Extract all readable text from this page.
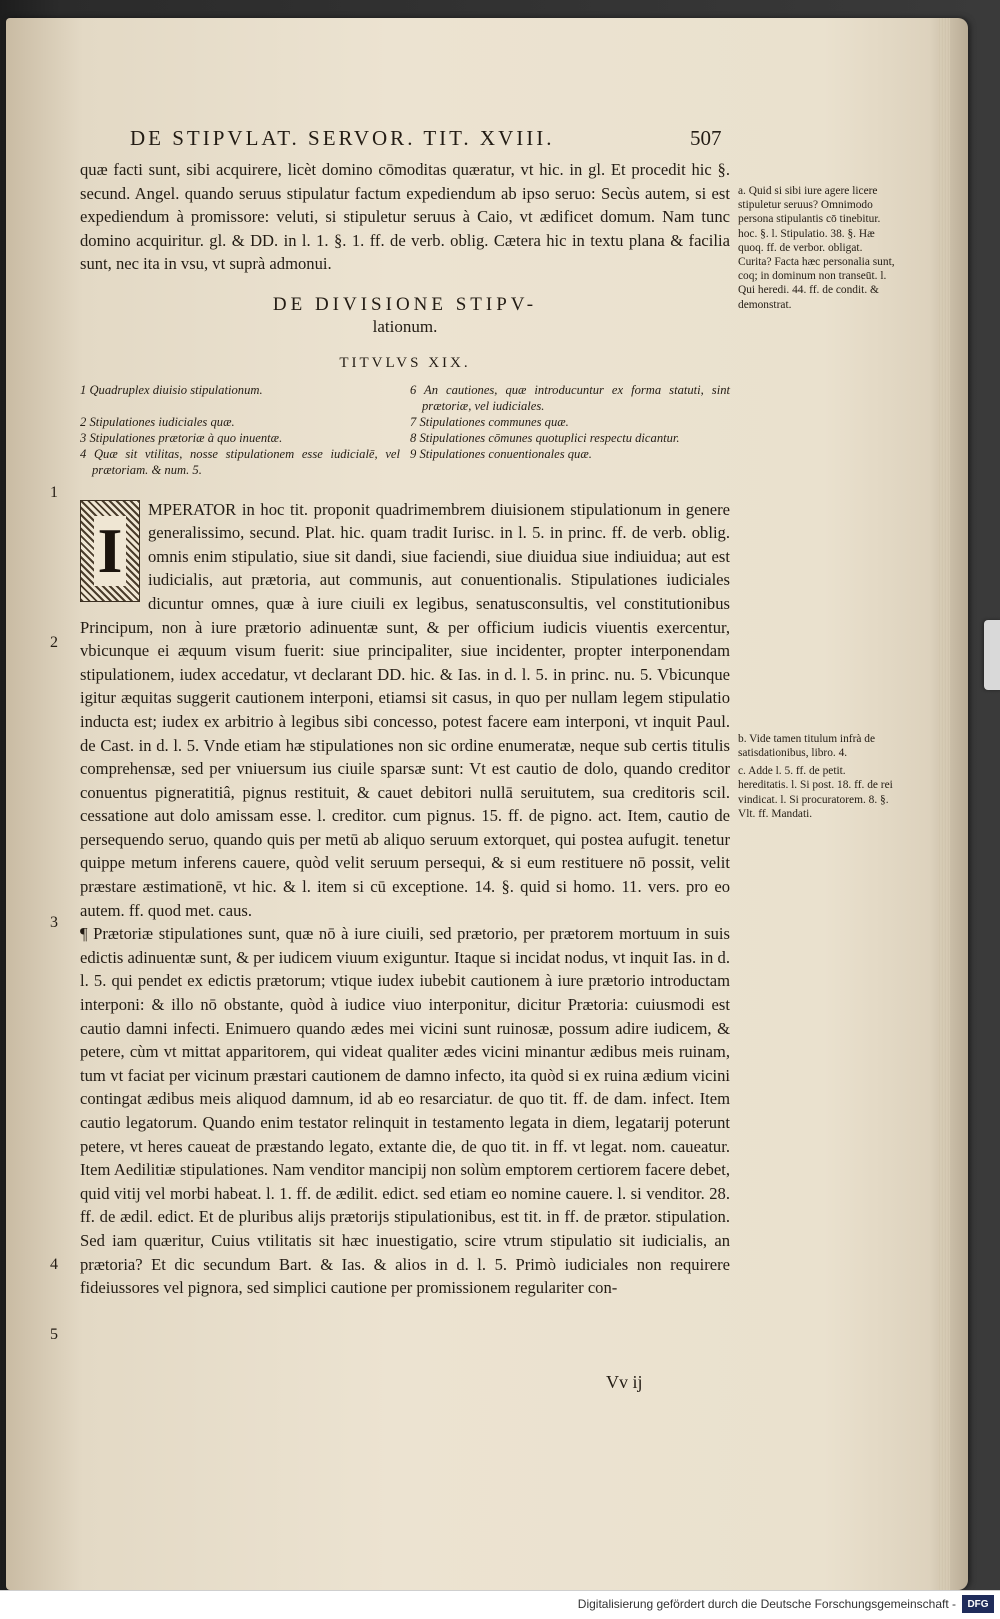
DE STIPVLAT. SERVOR. TIT. XVIII.	507

quæ facti sunt, sibi acquirere, licèt domino cōmoditas quæratur, vt hic. in gl. Et procedit hic §. secund. Angel. quando seruus stipulatur factum expediendum ab ipso seruo: Secùs autem, si est expediendum à promissore: veluti, si stipuletur seruus à Caio, vt ædificet domum. Nam tunc domino acquiritur. gl. & DD. in l. 1. §. 1. ff. de verb. oblig. Cætera hic in textu plana & facilia sunt, nec ita in vsu, vt suprà admonui.

DE DIVISIONE STIPV-
lationum.
TITVLVS XIX.
1 Quadruplex diuisio stipulationum.	6 An cautiones, quæ introducuntur ex forma statuti, sint prætoriæ, vel iudiciales.
2 Stipulationes iudiciales quæ.	7 Stipulationes communes quæ.
3 Stipulationes prætoriæ à quo inuentæ.	8 Stipulationes cōmunes quotuplici respectu dicantur.
4 Quæ sit vtilitas, nosse stipulationem esse iudicialē, vel prætoriam. & num. 5.
9 Stipulationes conuentionales quæ.
I

MPERATOR in hoc tit. proponit quadrimembrem diuisionem stipulationum in genere generalissimo, secund. Plat. hic. quam tradit Iurisc. in l. 5. in princ. ff. de verb. oblig. omnis enim stipulatio, siue sit dandi, siue faciendi, siue diuidua siue indiuidua; aut est iudicialis, aut prætoria, aut communis, aut conuentionalis. Stipulationes iudiciales dicuntur omnes, quæ à iure ciuili ex legibus, senatusconsultis, vel constitutionibus Principum, non à iure prætorio adinuentæ sunt, & per officium iudicis viuentis exercentur, vbicunque ei æquum visum fuerit: siue principaliter, siue incidenter, propter interponendam stipulationem, iudex accedatur, vt declarant DD. hic. & Ias. in d. l. 5. in princ. nu. 5. Vbicunque igitur æquitas suggerit cautionem interponi, etiamsi sit casus, in quo per nullam legem stipulatio inducta est; iudex ex arbitrio à legibus sibi concesso, potest facere eam interponi, vt inquit Paul. de Cast. in d. l. 5. Vnde etiam hæ stipulationes non sic ordine enumeratæ, neque sub certis titulis comprehensæ, sed per vniuersum ius ciuile sparsæ sunt: Vt est cautio de dolo, quando creditor conuentus pigneratitiâ, pignus restituit, & cauet debitori nullā seruitutem, sua creditoris scil. cessatione aut dolo amissam esse. l. creditor. cum pignus. 15. ff. de pigno. act. Item, cautio de persequendo seruo, quando quis per metū ab aliquo seruum extorquet, qui postea aufugit. tenetur quippe metum inferens cauere, quòd velit seruum persequi, & si eum restituere nō possit, velit præstare æstimationē, vt hic. & l. item si cū exceptione. 14. §. quid si homo. 11. vers. pro eo autem. ff. quod met. caus.

¶ Prætoriæ stipulationes sunt, quæ nō à iure ciuili, sed prætorio, per prætorem mortuum in suis edictis adinuentæ sunt, & per iudicem viuum exiguntur. Itaque si incidat nodus, vt inquit Ias. in d. l. 5. qui pendet ex edictis prætorum; vtique iudex iubebit cautionem à iure prætorio introductam interponi: & illo nō obstante, quòd à iudice viuo interponitur, dicitur Prætoria: cuiusmodi est cautio damni infecti. Enimuero quando ædes mei vicini sunt ruinosæ, possum adire iudicem, & petere, cùm vt mittat apparitorem, qui videat qualiter ædes vicini minantur ædibus meis ruinam, tum vt faciat per vicinum præstari cautionem de damno infecto, ita quòd si ex ruina ædium vicini contingat ædibus meis aliquod damnum, id ab eo resarciatur. de quo tit. ff. de dam. infect. Item cautio legatorum. Quando enim testator relinquit in testamento legata in diem, legatarij poterunt petere, vt heres caueat de præstando legato, extante die, de quo tit. in ff. vt legat. nom. caueatur. Item Aedilitiæ stipulationes. Nam venditor mancipij non solùm emptorem certiorem facere debet, quid vitij vel morbi habeat. l. 1. ff. de ædilit. edict. sed etiam eo nomine cauere. l. si venditor. 28. ff. de ædil. edict. Et de pluribus alijs prætorijs stipulationibus, est tit. in ff. de prætor. stipulation. Sed iam quæritur, Cuius vtilitatis sit hæc inuestigatio, scire vtrum stipulatio sit iudicialis, an prætoria? Et dic secundum Bart. & Ias. & alios in d. l. 5. Primò iudiciales non requirere fideiussores vel pignora, sed simplici cautione per promissionem regulariter con-

1
2
3
4
5
a. Quid si sibi iure agere licere stipuletur seruus? Omnimodo persona stipulantis cō tinebitur. hoc. §. l. Stipulatio. 38. §. Hæ quoq. ff. de verbor. obligat. Curita? Facta hæc personalia sunt, coq; in dominum non transeūt. l. Qui heredi. 44. ff. de condit. & demonstrat.
b. Vide tamen titulum infrà de satisdationibus, libro. 4.
c. Adde l. 5. ff. de petit. hereditatis. l. Si post. 18. ff. de rei vindicat. l. Si procuratorem. 8. §. Vlt. ff. Mandati.
Vv ij
Digitalisierung gefördert durch die Deutsche Forschungsgemeinschaft -	DFG
